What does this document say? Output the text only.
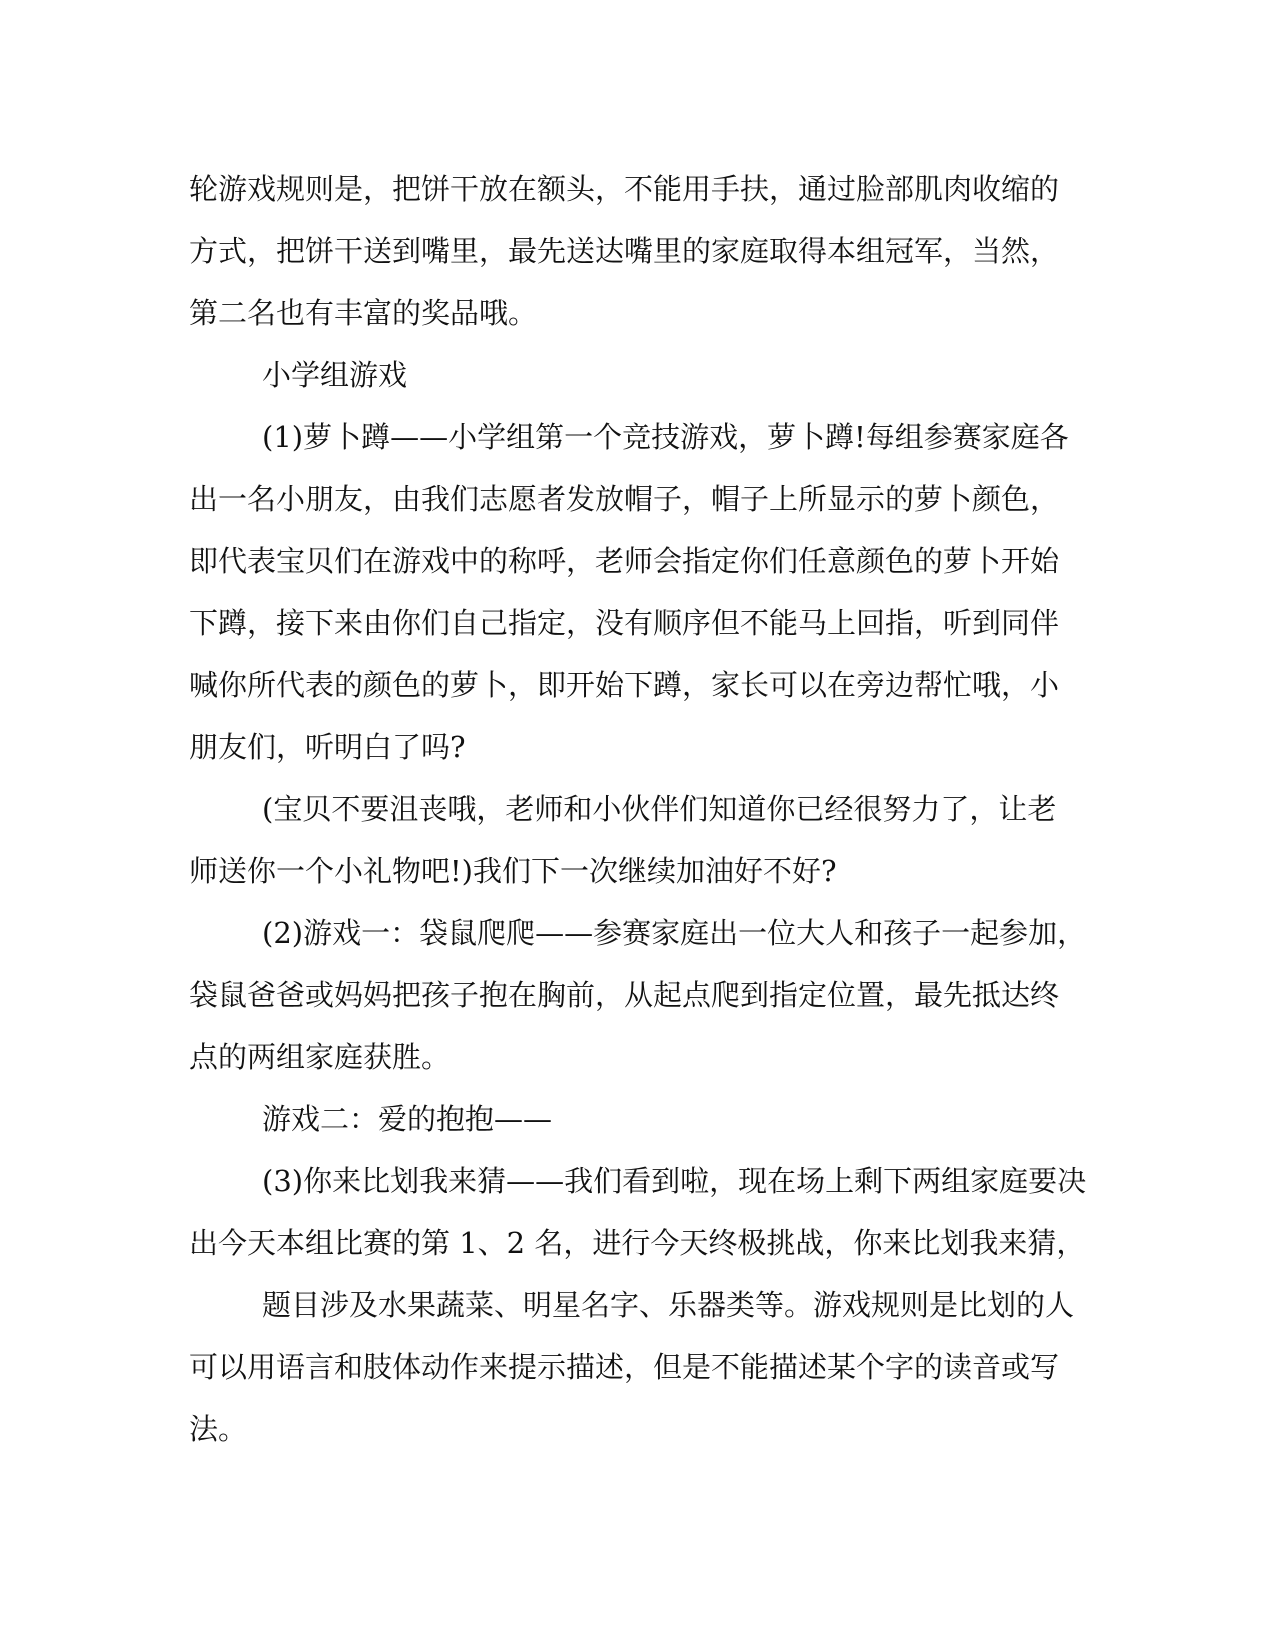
轮游戏规则是，把饼干放在额头，不能用手扶，通过脸部肌肉收缩的
方式，把饼干送到嘴里，最先送达嘴里的家庭取得本组冠军，当然，
第二名也有丰富的奖品哦。
小学组游戏
(1)萝卜蹲——小学组第一个竞技游戏，萝卜蹲!每组参赛家庭各
出一名小朋友，由我们志愿者发放帽子，帽子上所显示的萝卜颜色，
即代表宝贝们在游戏中的称呼，老师会指定你们任意颜色的萝卜开始
下蹲，接下来由你们自己指定，没有顺序但不能马上回指，听到同伴
喊你所代表的颜色的萝卜，即开始下蹲，家长可以在旁边帮忙哦，小
朋友们，听明白了吗?
(宝贝不要沮丧哦，老师和小伙伴们知道你已经很努力了，让老
师送你一个小礼物吧!)我们下一次继续加油好不好?
(2)游戏一：袋鼠爬爬——参赛家庭出一位大人和孩子一起参加，
袋鼠爸爸或妈妈把孩子抱在胸前，从起点爬到指定位置，最先抵达终
点的两组家庭获胜。
游戏二：爱的抱抱——
(3)你来比划我来猜——我们看到啦，现在场上剩下两组家庭要决
出今天本组比赛的第 1、2 名，进行今天终极挑战，你来比划我来猜，
题目涉及水果蔬菜、明星名字、乐器类等。游戏规则是比划的人
可以用语言和肢体动作来提示描述，但是不能描述某个字的读音或写
法。
